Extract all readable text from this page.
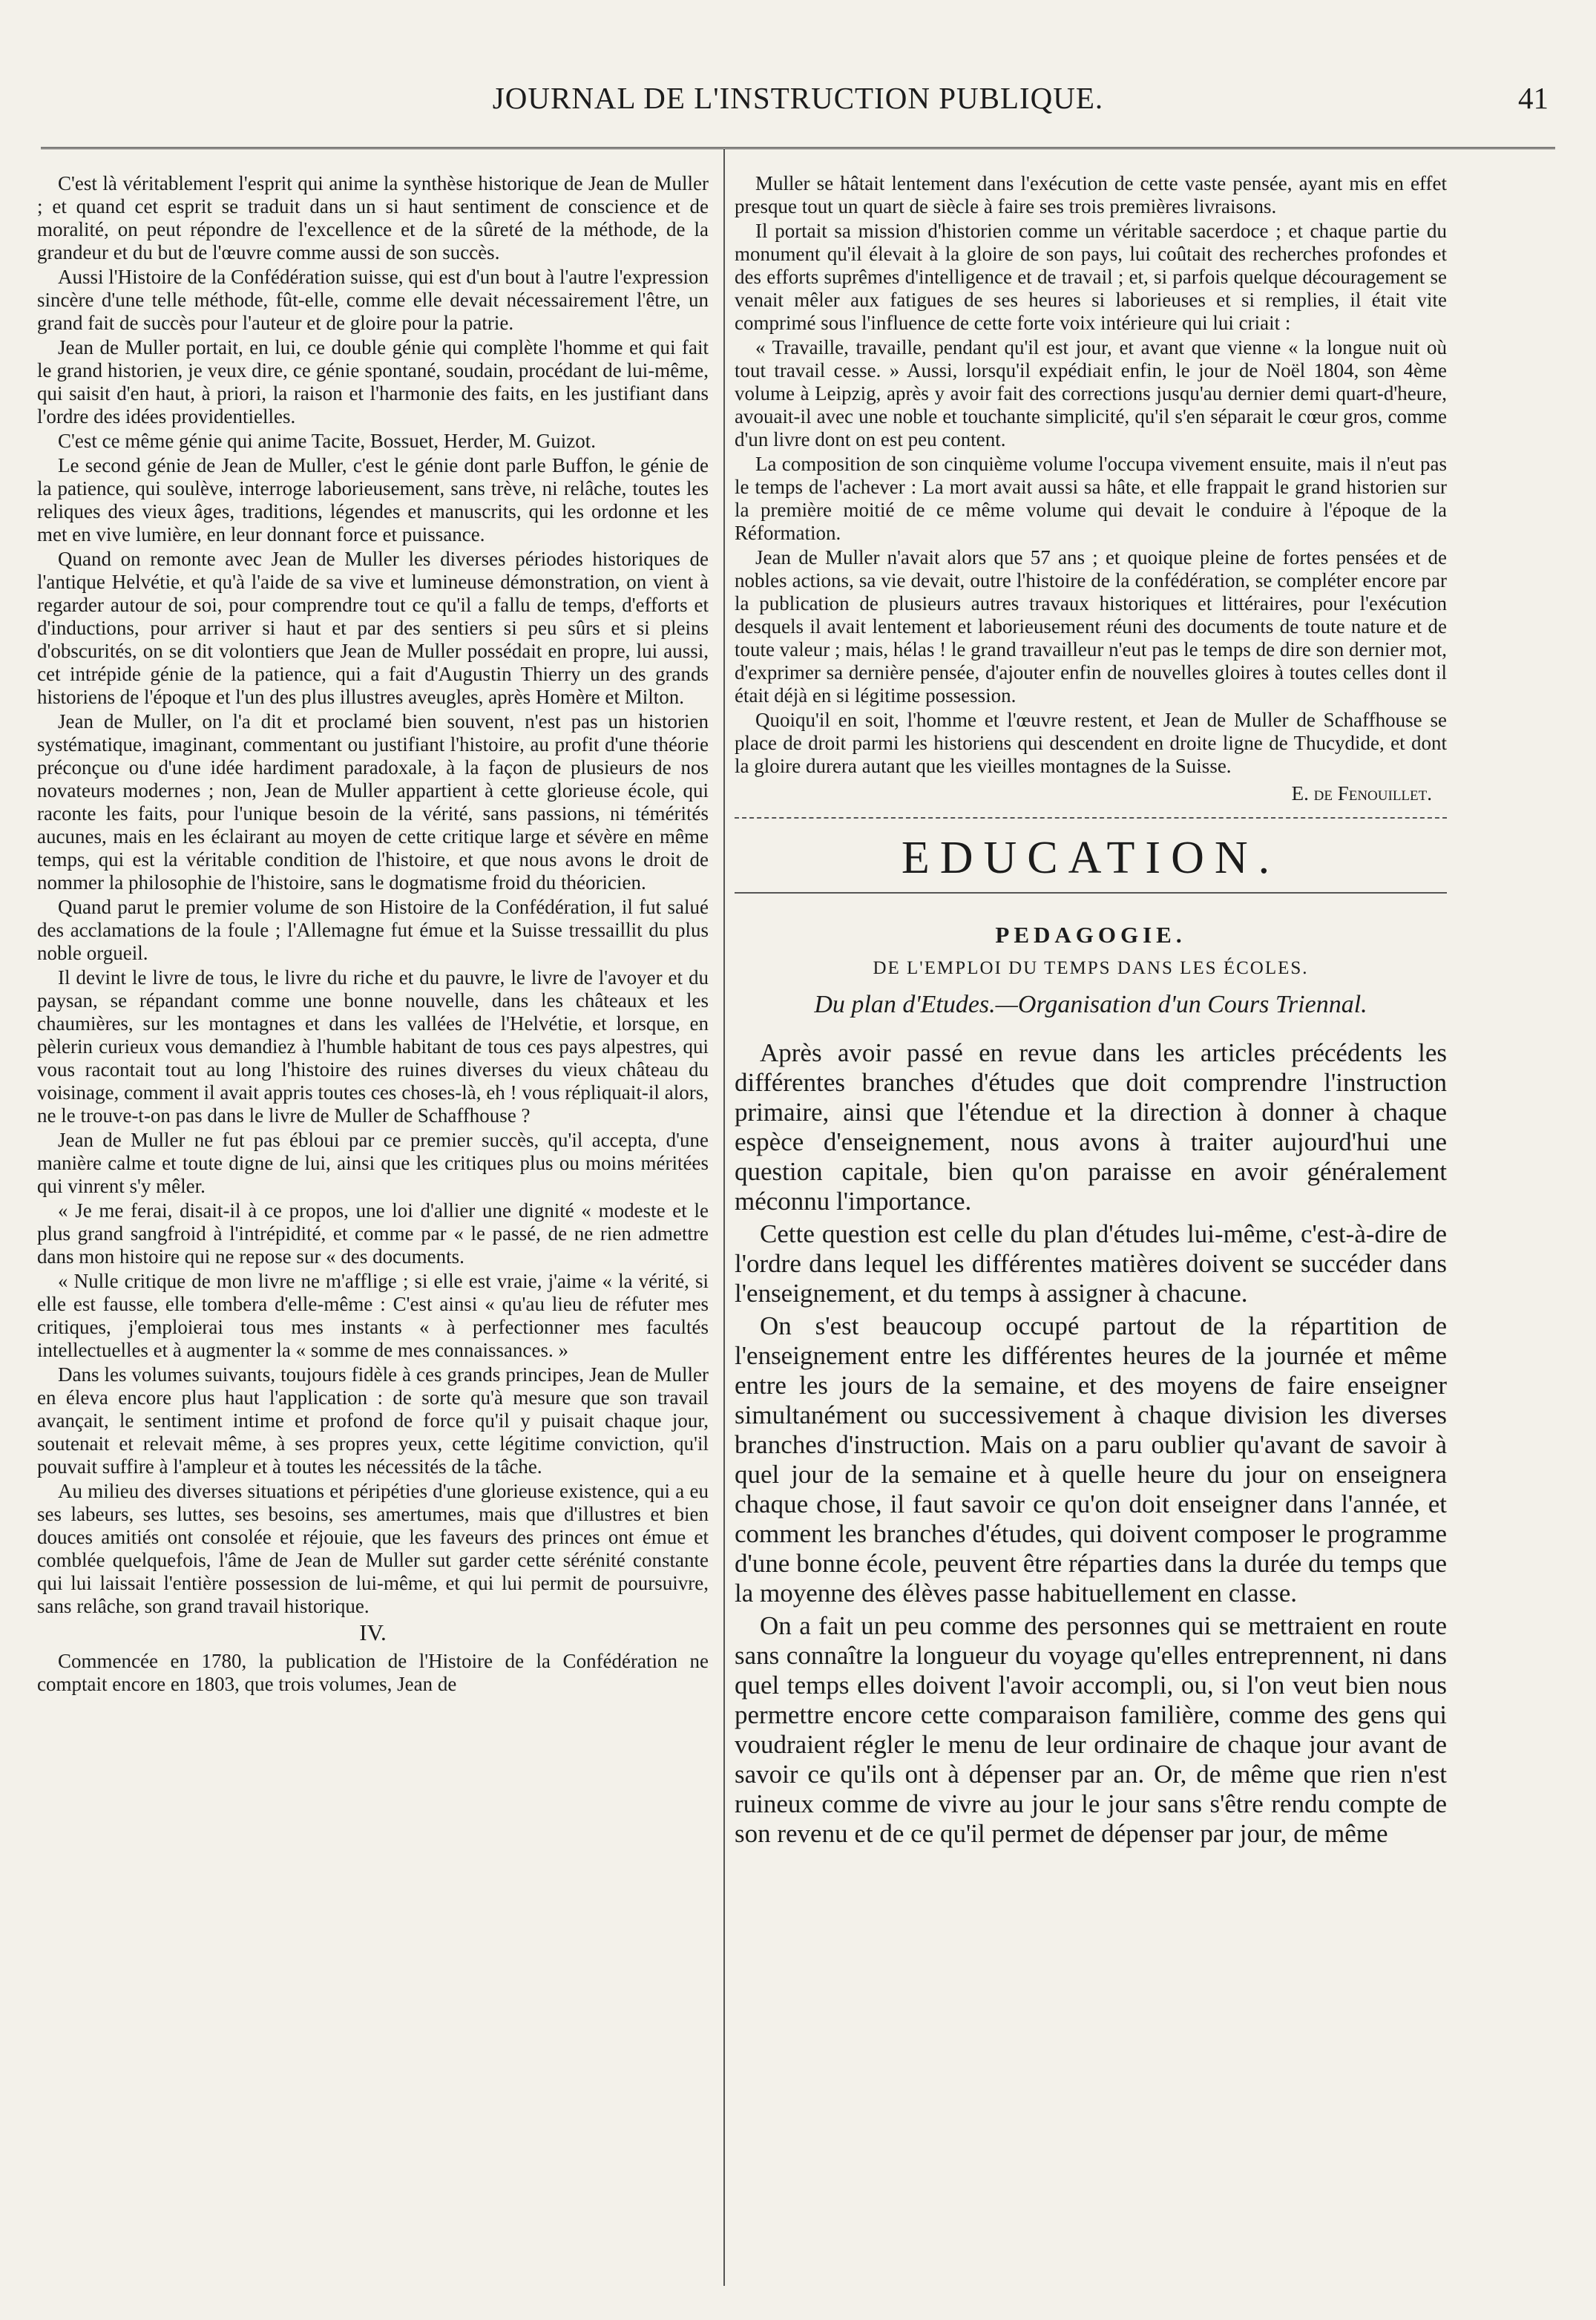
JOURNAL DE L'INSTRUCTION PUBLIQUE.	41

C'est là véritablement l'esprit qui anime la synthèse historique de Jean de Muller ; et quand cet esprit se traduit dans un si haut sentiment de conscience et de moralité, on peut répondre de l'excellence et de la sûreté de la méthode, de la grandeur et du but de l'œuvre comme aussi de son succès.

Aussi l'Histoire de la Confédération suisse, qui est d'un bout à l'autre l'expression sincère d'une telle méthode, fût-elle, comme elle devait nécessairement l'être, un grand fait de succès pour l'auteur et de gloire pour la patrie.

Jean de Muller portait, en lui, ce double génie qui complète l'homme et qui fait le grand historien, je veux dire, ce génie spontané, soudain, procédant de lui-même, qui saisit d'en haut, à priori, la raison et l'harmonie des faits, en les justifiant dans l'ordre des idées providentielles.

C'est ce même génie qui anime Tacite, Bossuet, Herder, M. Guizot.

Le second génie de Jean de Muller, c'est le génie dont parle Buffon, le génie de la patience, qui soulève, interroge laborieusement, sans trève, ni relâche, toutes les reliques des vieux âges, traditions, légendes et manuscrits, qui les ordonne et les met en vive lumière, en leur donnant force et puissance.

Quand on remonte avec Jean de Muller les diverses périodes historiques de l'antique Helvétie, et qu'à l'aide de sa vive et lumineuse démonstration, on vient à regarder autour de soi, pour comprendre tout ce qu'il a fallu de temps, d'efforts et d'inductions, pour arriver si haut et par des sentiers si peu sûrs et si pleins d'obscurités, on se dit volontiers que Jean de Muller possédait en propre, lui aussi, cet intrépide génie de la patience, qui a fait d'Augustin Thierry un des grands historiens de l'époque et l'un des plus illustres aveugles, après Homère et Milton.

Jean de Muller, on l'a dit et proclamé bien souvent, n'est pas un historien systématique, imaginant, commentant ou justifiant l'histoire, au profit d'une théorie préconçue ou d'une idée hardiment paradoxale, à la façon de plusieurs de nos novateurs modernes ; non, Jean de Muller appartient à cette glorieuse école, qui raconte les faits, pour l'unique besoin de la vérité, sans passions, ni témérités aucunes, mais en les éclairant au moyen de cette critique large et sévère en même temps, qui est la véritable condition de l'histoire, et que nous avons le droit de nommer la philosophie de l'histoire, sans le dogmatisme froid du théoricien.

Quand parut le premier volume de son Histoire de la Confédération, il fut salué des acclamations de la foule ; l'Allemagne fut émue et la Suisse tressaillit du plus noble orgueil.

Il devint le livre de tous, le livre du riche et du pauvre, le livre de l'avoyer et du paysan, se répandant comme une bonne nouvelle, dans les châteaux et les chaumières, sur les montagnes et dans les vallées de l'Helvétie, et lorsque, en pèlerin curieux vous demandiez à l'humble habitant de tous ces pays alpestres, qui vous racontait tout au long l'histoire des ruines diverses du vieux château du voisinage, comment il avait appris toutes ces choses-là, eh ! vous répliquait-il alors, ne le trouve-t-on pas dans le livre de Muller de Schaffhouse ?

Jean de Muller ne fut pas ébloui par ce premier succès, qu'il accepta, d'une manière calme et toute digne de lui, ainsi que les critiques plus ou moins méritées qui vinrent s'y mêler.

« Je me ferai, disait-il à ce propos, une loi d'allier une dignité « modeste et le plus grand sangfroid à l'intrépidité, et comme par « le passé, de ne rien admettre dans mon histoire qui ne repose sur « des documents.

« Nulle critique de mon livre ne m'afflige ; si elle est vraie, j'aime « la vérité, si elle est fausse, elle tombera d'elle-même : C'est ainsi « qu'au lieu de réfuter mes critiques, j'emploierai tous mes instants « à perfectionner mes facultés intellectuelles et à augmenter la « somme de mes connaissances. »

Dans les volumes suivants, toujours fidèle à ces grands principes, Jean de Muller en éleva encore plus haut l'application : de sorte qu'à mesure que son travail avançait, le sentiment intime et profond de force qu'il y puisait chaque jour, soutenait et relevait même, à ses propres yeux, cette légitime conviction, qu'il pouvait suffire à l'ampleur et à toutes les nécessités de la tâche.

Au milieu des diverses situations et péripéties d'une glorieuse existence, qui a eu ses labeurs, ses luttes, ses besoins, ses amertumes, mais que d'illustres et bien douces amitiés ont consolée et réjouie, que les faveurs des princes ont émue et comblée quelquefois, l'âme de Jean de Muller sut garder cette sérénité constante qui lui laissait l'entière possession de lui-même, et qui lui permit de poursuivre, sans relâche, son grand travail historique.

IV.

Commencée en 1780, la publication de l'Histoire de la Confédération ne comptait encore en 1803, que trois volumes, Jean de

Muller se hâtait lentement dans l'exécution de cette vaste pensée, ayant mis en effet presque tout un quart de siècle à faire ses trois premières livraisons.

Il portait sa mission d'historien comme un véritable sacerdoce ; et chaque partie du monument qu'il élevait à la gloire de son pays, lui coûtait des recherches profondes et des efforts suprêmes d'intelligence et de travail ; et, si parfois quelque découragement se venait mêler aux fatigues de ses heures si laborieuses et si remplies, il était vite comprimé sous l'influence de cette forte voix intérieure qui lui criait :

« Travaille, travaille, pendant qu'il est jour, et avant que vienne « la longue nuit où tout travail cesse. » Aussi, lorsqu'il expédiait enfin, le jour de Noël 1804, son 4ème volume à Leipzig, après y avoir fait des corrections jusqu'au dernier demi quart-d'heure, avouait-il avec une noble et touchante simplicité, qu'il s'en séparait le cœur gros, comme d'un livre dont on est peu content.

La composition de son cinquième volume l'occupa vivement ensuite, mais il n'eut pas le temps de l'achever : La mort avait aussi sa hâte, et elle frappait le grand historien sur la première moitié de ce même volume qui devait le conduire à l'époque de la Réformation.

Jean de Muller n'avait alors que 57 ans ; et quoique pleine de fortes pensées et de nobles actions, sa vie devait, outre l'histoire de la confédération, se compléter encore par la publication de plusieurs autres travaux historiques et littéraires, pour l'exécution desquels il avait lentement et laborieusement réuni des documents de toute nature et de toute valeur ; mais, hélas ! le grand travailleur n'eut pas le temps de dire son dernier mot, d'exprimer sa dernière pensée, d'ajouter enfin de nouvelles gloires à toutes celles dont il était déjà en si légitime possession.

Quoiqu'il en soit, l'homme et l'œuvre restent, et Jean de Muller de Schaffhouse se place de droit parmi les historiens qui descendent en droite ligne de Thucydide, et dont la gloire durera autant que les vieilles montagnes de la Suisse.

E. de Fenouillet.

EDUCATION.
PEDAGOGIE.
DE L'EMPLOI DU TEMPS DANS LES ÉCOLES.
Du plan d'Etudes.—Organisation d'un Cours Triennal.

Après avoir passé en revue dans les articles précédents les différentes branches d'études que doit comprendre l'instruction primaire, ainsi que l'étendue et la direction à donner à chaque espèce d'enseignement, nous avons à traiter aujourd'hui une question capitale, bien qu'on paraisse en avoir généralement méconnu l'importance.

Cette question est celle du plan d'études lui-même, c'est-à-dire de l'ordre dans lequel les différentes matières doivent se succéder dans l'enseignement, et du temps à assigner à chacune.

On s'est beaucoup occupé partout de la répartition de l'enseignement entre les différentes heures de la journée et même entre les jours de la semaine, et des moyens de faire enseigner simultanément ou successivement à chaque division les diverses branches d'instruction. Mais on a paru oublier qu'avant de savoir à quel jour de la semaine et à quelle heure du jour on enseignera chaque chose, il faut savoir ce qu'on doit enseigner dans l'année, et comment les branches d'études, qui doivent composer le programme d'une bonne école, peuvent être réparties dans la durée du temps que la moyenne des élèves passe habituellement en classe.

On a fait un peu comme des personnes qui se mettraient en route sans connaître la longueur du voyage qu'elles entreprennent, ni dans quel temps elles doivent l'avoir accompli, ou, si l'on veut bien nous permettre encore cette comparaison familière, comme des gens qui voudraient régler le menu de leur ordinaire de chaque jour avant de savoir ce qu'ils ont à dépenser par an. Or, de même que rien n'est ruineux comme de vivre au jour le jour sans s'être rendu compte de son revenu et de ce qu'il permet de dépenser par jour, de même
